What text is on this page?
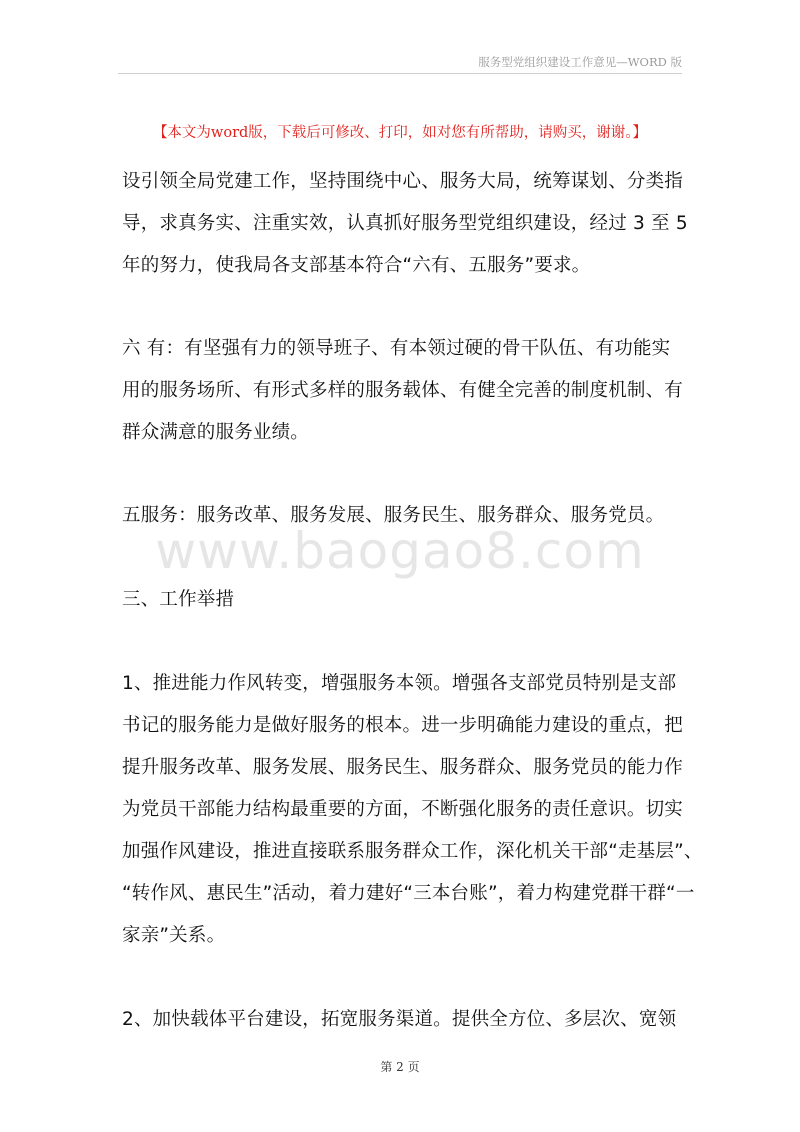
服务型党组织建设工作意见—WORD 版
【本文为word版，下载后可修改、打印，如对您有所帮助，请购买，谢谢。】
www.baogao8.com
设引领全局党建工作，坚持围绕中心、服务大局，统筹谋划、分类指
导，求真务实、注重实效，认真抓好服务型党组织建设，经过 3 至 5
年的努力，使我局各支部基本符合“六有、五服务”要求。
六 有：有坚强有力的领导班子、有本领过硬的骨干队伍、有功能实
用的服务场所、有形式多样的服务载体、有健全完善的制度机制、有
群众满意的服务业绩。
五服务：服务改革、服务发展、服务民生、服务群众、服务党员。
三、工作举措
1、推进能力作风转变，增强服务本领。增强各支部党员特别是支部
书记的服务能力是做好服务的根本。进一步明确能力建设的重点，把
提升服务改革、服务发展、服务民生、服务群众、服务党员的能力作
为党员干部能力结构最重要的方面，不断强化服务的责任意识。切实
加强作风建设，推进直接联系服务群众工作，深化机关干部“走基层”、
“转作风、惠民生”活动，着力建好“三本台账”，着力构建党群干群“一
家亲”关系。
2、加快载体平台建设，拓宽服务渠道。提供全方位、多层次、宽领
第 2 页
